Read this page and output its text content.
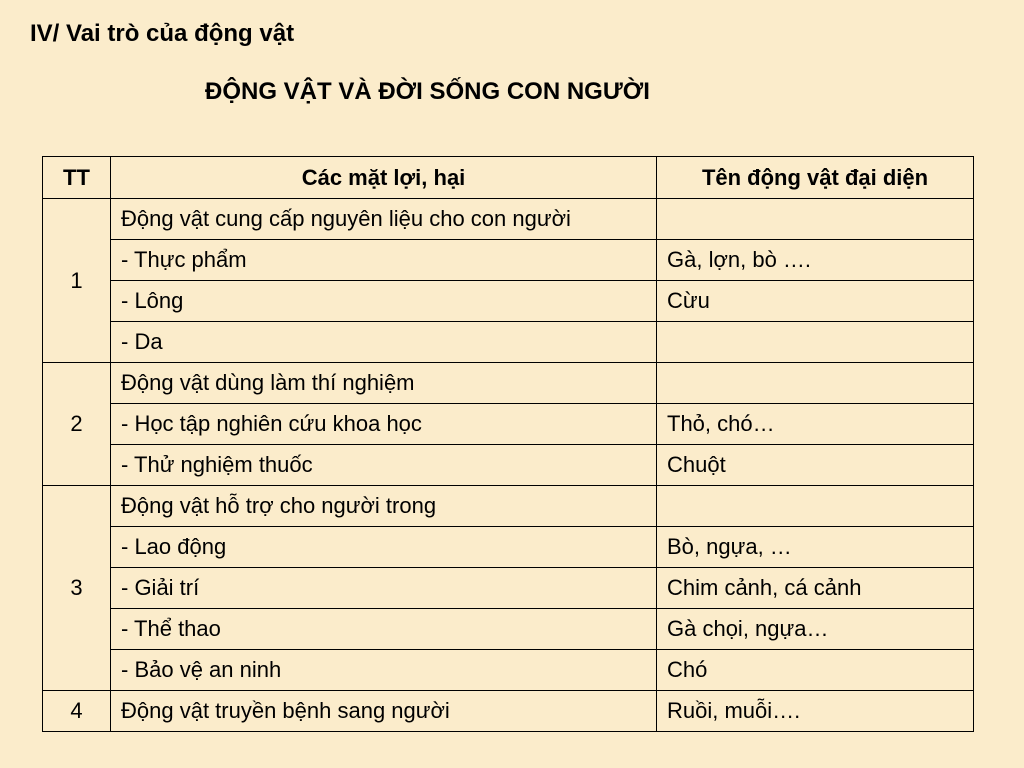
IV/ Vai trò của động vật
ĐỘNG VẬT VÀ ĐỜI SỐNG CON NGƯỜI
TT	Các mặt lợi, hại	Tên động vật đại diện
1	Động vật cung cấp nguyên liệu cho con người	
	- Thực phẩm	Gà, lợn, bò ….
	- Lông	Cừu
	- Da	
2	Động vật dùng làm thí nghiệm	
	- Học tập nghiên cứu khoa học	Thỏ, chó…
	- Thử nghiệm thuốc	Chuột
3	Động vật hỗ trợ cho người trong	
	- Lao động	Bò, ngựa, …
	- Giải trí	Chim cảnh, cá cảnh
	- Thể thao	Gà chọi, ngựa…
	- Bảo vệ an ninh	Chó
4	Động vật truyền bệnh sang người	Ruồi, muỗi….
